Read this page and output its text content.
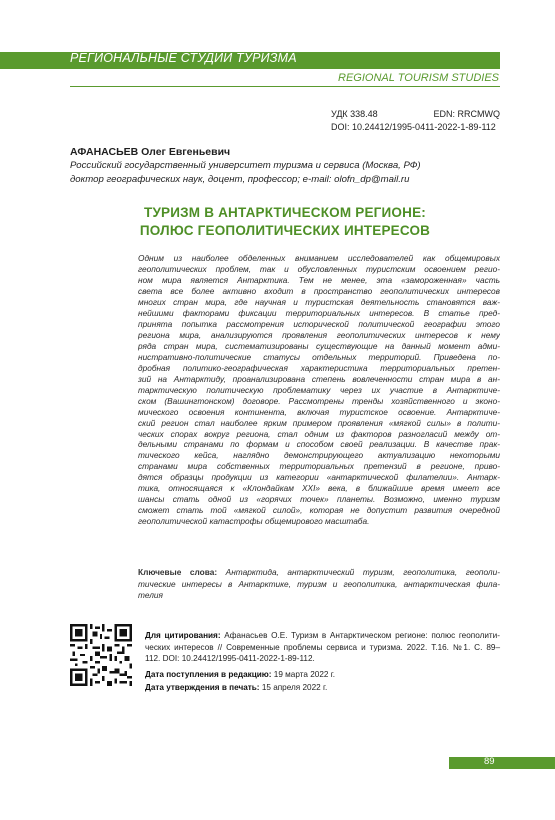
РЕГИОНАЛЬНЫЕ СТУДИИ ТУРИЗМА
REGIONAL TOURISM STUDIES
УДК 338.48	EDN: RRCMWQ
DOI: 10.24412/1995-0411-2022-1-89-112
АФАНАСЬЕВ Олег Евгеньевич
Российский государственный университет туризма и сервиса (Москва, РФ)
доктор географических наук, доцент, профессор; e-mail: olofn_dp@mail.ru
ТУРИЗМ В АНТАРКТИЧЕСКОМ РЕГИОНЕ:
ПОЛЮС ГЕОПОЛИТИЧЕСКИХ ИНТЕРЕСОВ
Одним из наиболее обделенных вниманием исследователей как общемировых
геополитических проблем, так и обусловленных туристским освоением регио-
ном мира является Антарктика. Тем не менее, эта «замороженная» часть
света все более активно входит в пространство геополитических интересов
многих стран мира, где научная и туристская деятельность становятся важ-
нейшими факторами фиксации территориальных интересов. В статье пред-
принята попытка рассмотрения исторической политической географии этого
региона мира, анализируются проявления геополитических интересов к нему
ряда стран мира, систематизированы существующие на данный момент адми-
нистративно-политические статусы отдельных территорий. Приведена по-
дробная политико-географическая характеристика территориальных претен-
зий на Антарктиду, проанализирована степень вовлеченности стран мира в ан-
тарктическую политическую проблематику через их участие в Антарктиче-
ском (Вашингтонском) договоре. Рассмотрены тренды хозяйственного и эконо-
мического освоения континента, включая туристское освоение. Антарктиче-
ский регион стал наиболее ярким примером проявления «мягкой силы» в полити-
ческих спорах вокруг региона, стал одним из факторов разногласий между от-
дельными странами по формам и способом своей реализации. В качестве прак-
тического кейса, наглядно демонстрирующего актуализацию некоторыми
странами мира собственных территориальных претензий в регионе, приво-
дятся образцы продукции из категории «антарктической филателии». Антарк-
тика, относящаяся к «Клондайкам XXI» века, в ближайшие время имеет все
шансы стать одной из «горячих точек» планеты. Возможно, именно туризм
сможет стать той «мягкой силой», которая не допустит развития очередной
геополитической катастрофы общемирового масштаба.
Ключевые слова: Антарктида, антарктический туризм, геополитика, геополи-
тические интересы в Антарктике, туризм и геополитика, антарктическая фила-
телия
Для цитирования: Афанасьев О.Е. Туризм в Антарктическом регионе: полюс геополити-
ческих интересов // Современные проблемы сервиса и туризма. 2022. Т.16. №1. С. 89–
112. DOI: 10.24412/1995-0411-2022-1-89-112.
Дата поступления в редакцию: 19 марта 2022 г.
Дата утверждения в печать: 15 апреля 2022 г.
89
